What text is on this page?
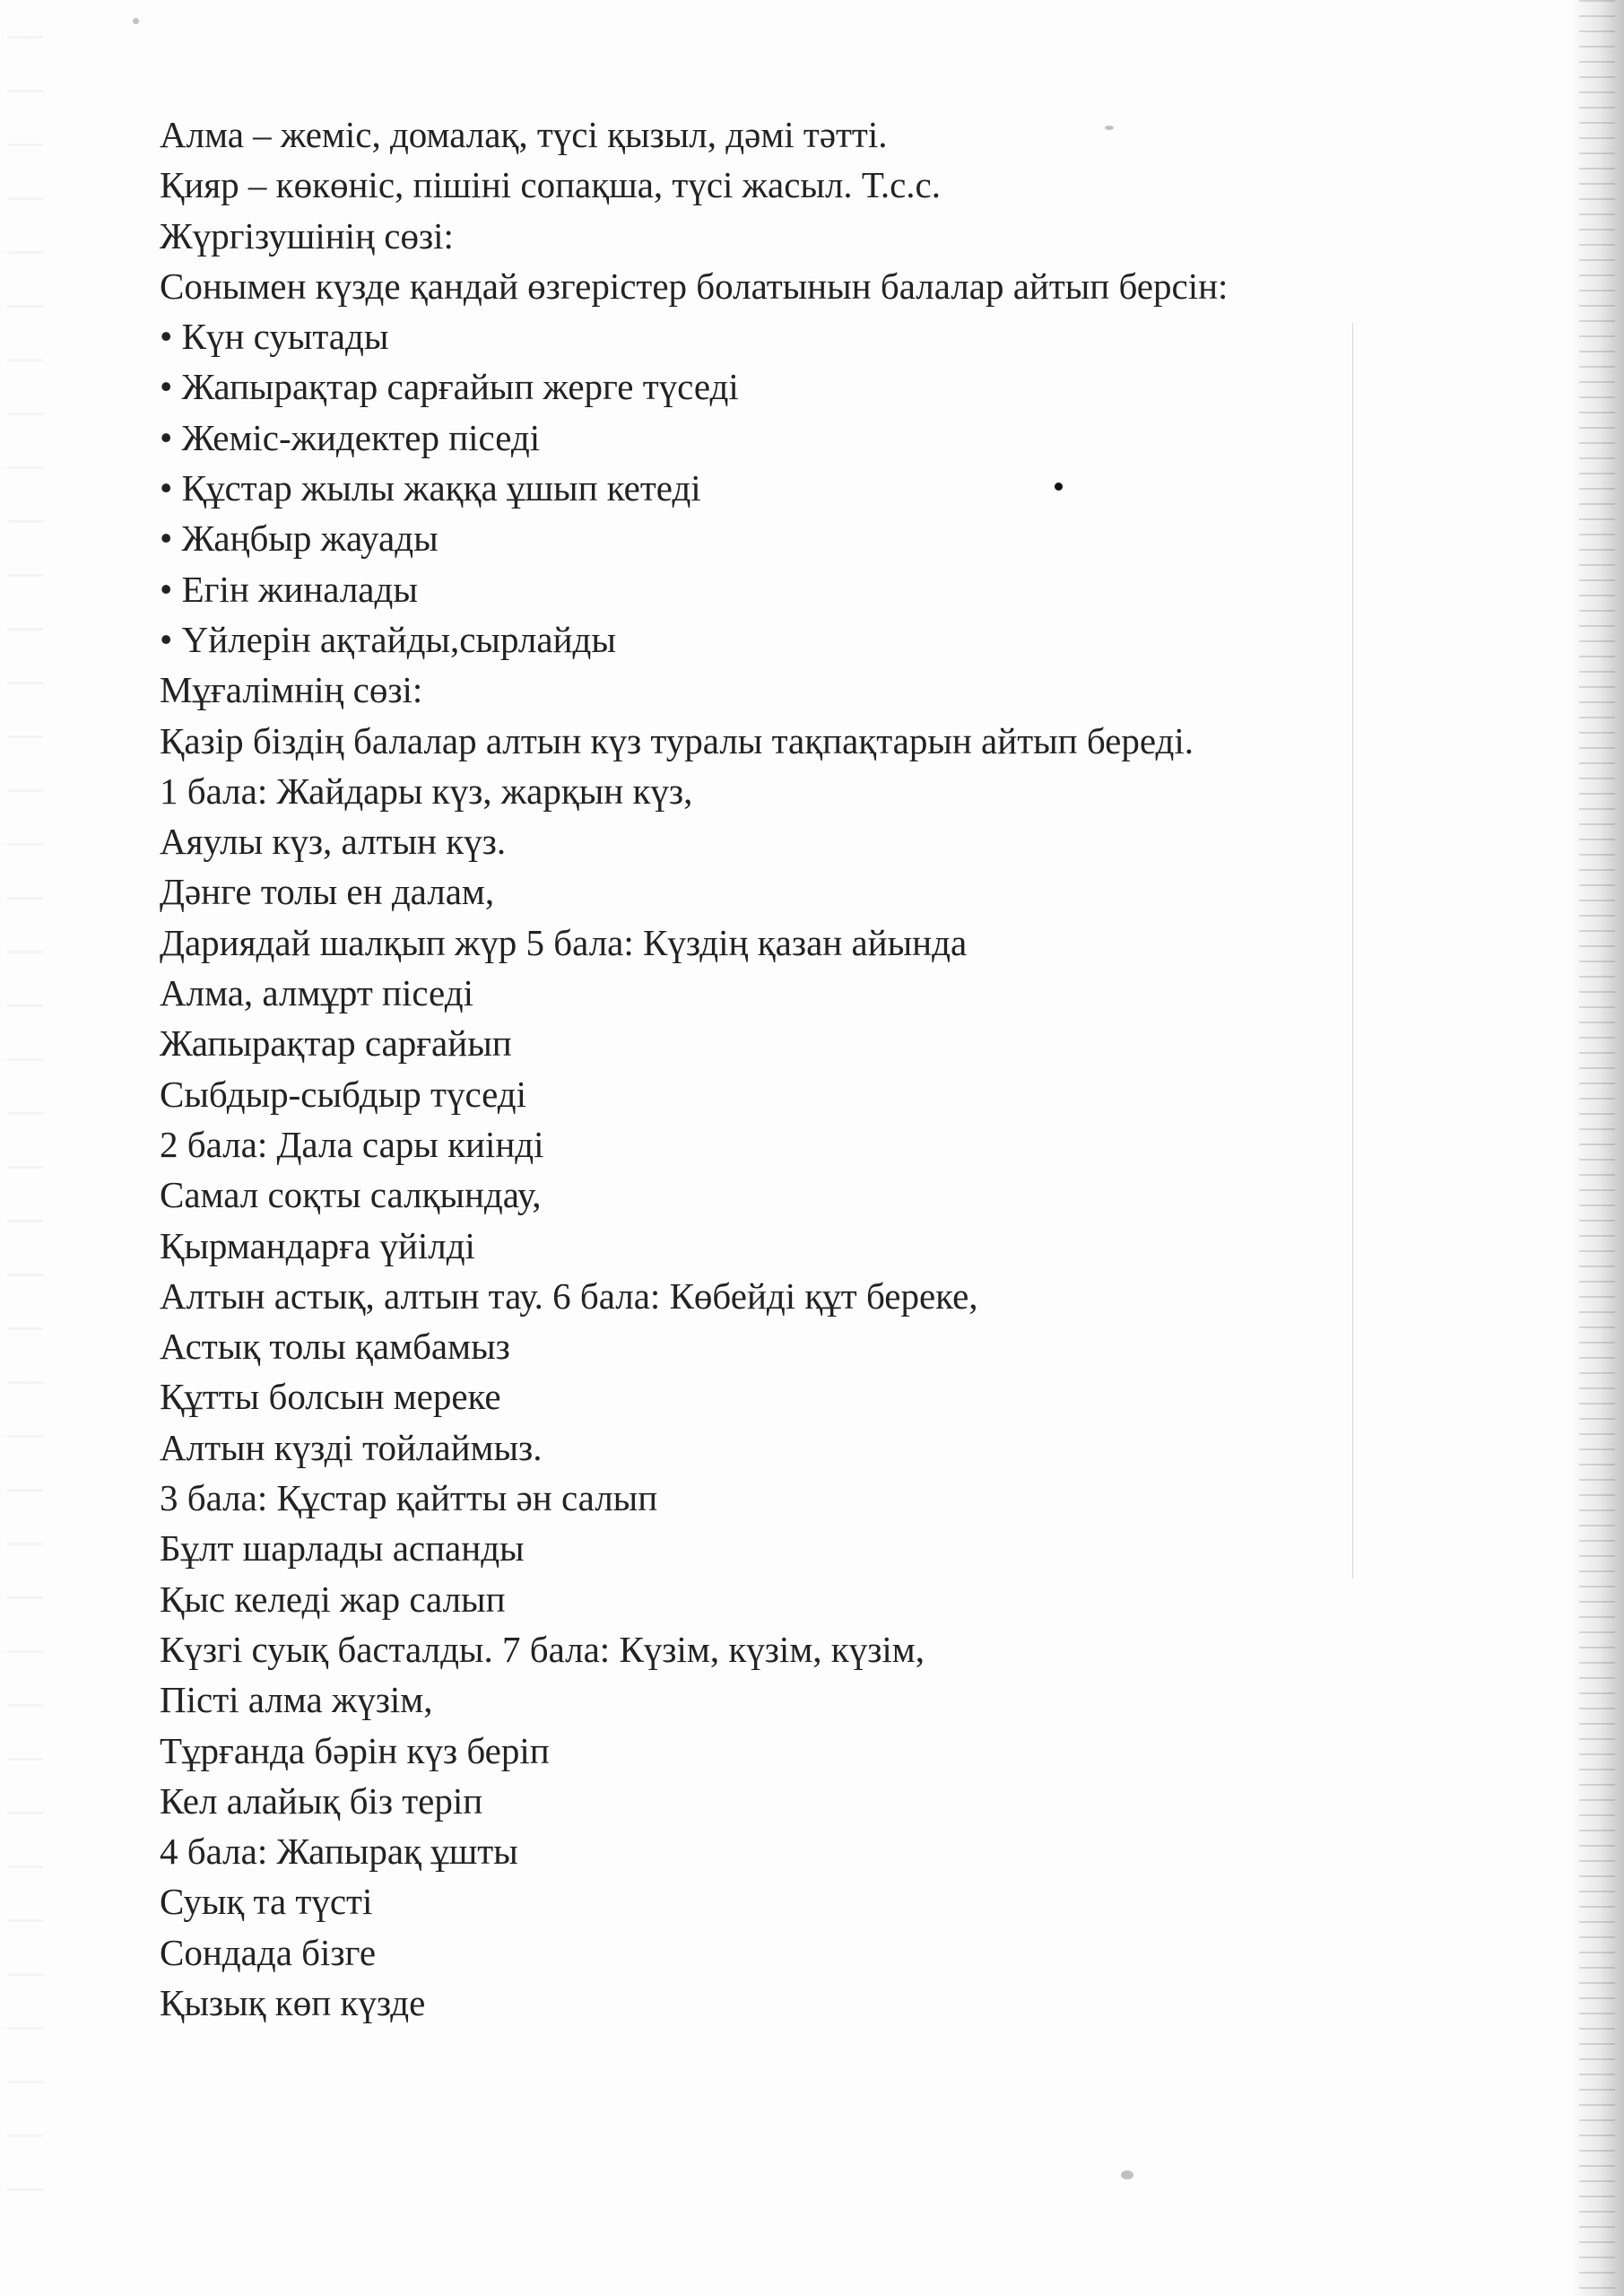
Алма – жеміс, домалақ, түсі қызыл, дәмі тәтті.
Қияр – көкөніс, пішіні сопақша, түсі жасыл. Т.с.с.
Жүргізушінің сөзі:
Сонымен күзде қандай өзгерістер болатынын балалар айтып берсін:
• Күн суытады
• Жапырақтар сарғайып жерге түседі
• Жеміс-жидектер піседі
• Құстар жылы жаққа ұшып кетеді
• Жаңбыр жауады
• Егін жиналады
• Үйлерін ақтайды,сырлайды
Мұғалімнің сөзі:
Қазір біздің балалар алтын күз туралы тақпақтарын айтып береді.
1 бала: Жайдары күз, жарқын күз,
Аяулы күз, алтын күз.
Дәнге толы ен далам,
Дариядай шалқып жүр 5 бала: Күздің қазан айында
Алма, алмұрт піседі
Жапырақтар сарғайып
Сыбдыр-сыбдыр түседі
2 бала: Дала сары киінді
Самал соқты салқындау,
Қырмандарға үйілді
Алтын астық, алтын тау. 6 бала: Көбейді құт береке,
Астық толы қамбамыз
Құтты болсын мереке
Алтын күзді тойлаймыз.
3 бала: Құстар қайтты ән салып
Бұлт шарлады аспанды
Қыс келеді жар салып
Күзгі суық басталды. 7 бала: Күзім, күзім, күзім,
Пісті алма жүзім,
Тұрғанда бәрін күз беріп
Кел алайық біз теріп
4 бала: Жапырақ ұшты
Суық та түсті
Сондада бізге
Қызық көп күзде
